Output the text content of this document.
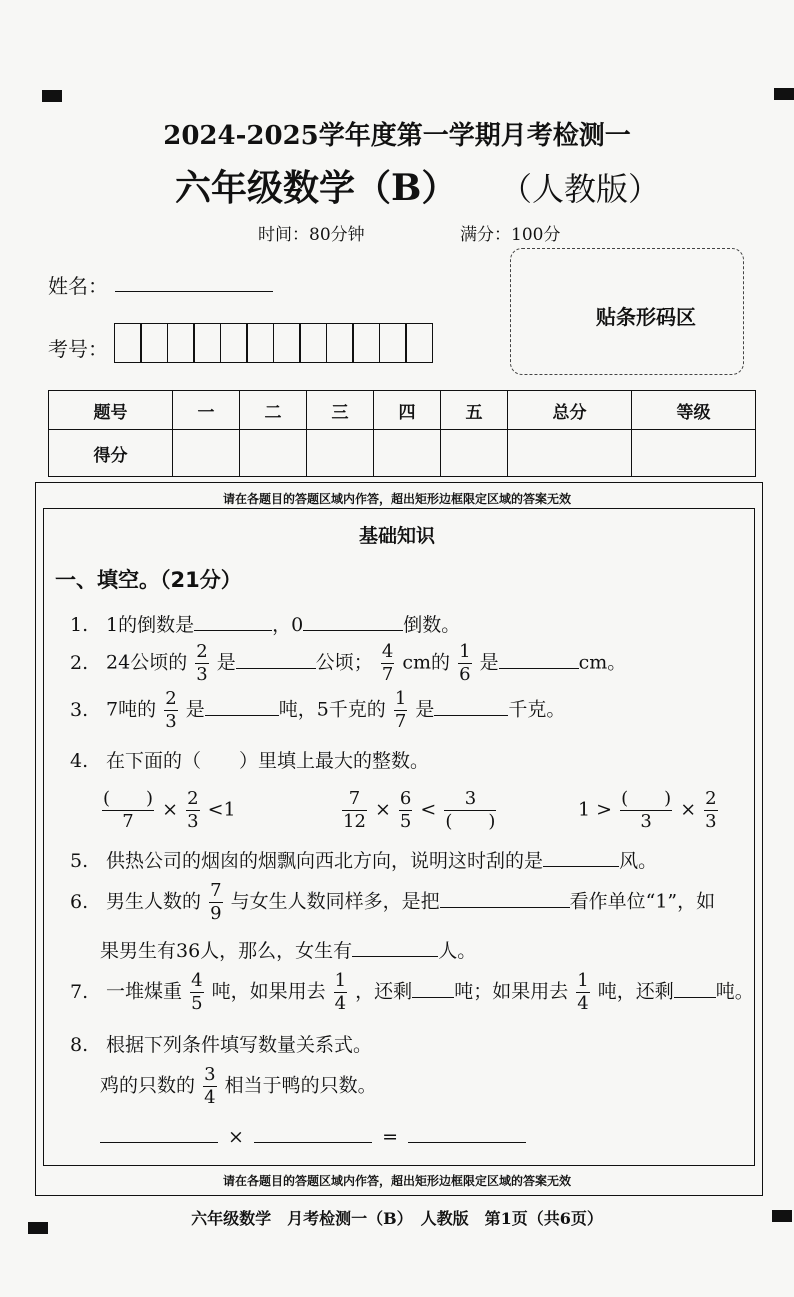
2024-2025学年度第一学期月考检测一
六年级数学（B） （人教版）
时间：80分钟	满分：100分
姓名：
考号：
贴条形码区
题号	一	二	三	四	五	总分	等级
得分							
请在各题目的答题区域内作答，超出矩形边框限定区域的答案无效
请在各题目的答题区域内作答，超出矩形边框限定区域的答案无效
基础知识
一、填空。（21分）
1. 1的倒数是	，0	倒数。
2. 24公顷的 $\frac{2}{3}$ 是	公顷； $\frac{4}{7}$ cm的 $\frac{1}{6}$ 是	cm。
3. 7吨的 $\frac{2}{3}$ 是	吨，5千克的 $\frac{1}{7}$ 是	千克。
4. 在下面的（　　）里填上最大的整数。
$\frac{( )}{7} \times \frac{2}{3} <1$	$\frac{7}{12} \times \frac{6}{5} < \frac{3}{( )}$	$1 > \frac{( )}{3} \times \frac{2}{3}$
5. 供热公司的烟囱的烟飘向西北方向，说明这时刮的是	风。
6. 男生人数的 $\frac{7}{9}$ 与女生人数同样多，是把	看作单位“1”，如
果男生有36人，那么，女生有	人。
7. 一堆煤重 $\frac{4}{5}$ 吨，如果用去 $\frac{1}{4}$ ，还剩 吨；如果用去 $\frac{1}{4}$ 吨，还剩 吨。
8. 根据下列条件填写数量关系式。
鸡的只数的 $\frac{3}{4}$ 相当于鸭的只数。
×	=
六年级数学　月考检测一（B）　人教版　第1页（共6页）
